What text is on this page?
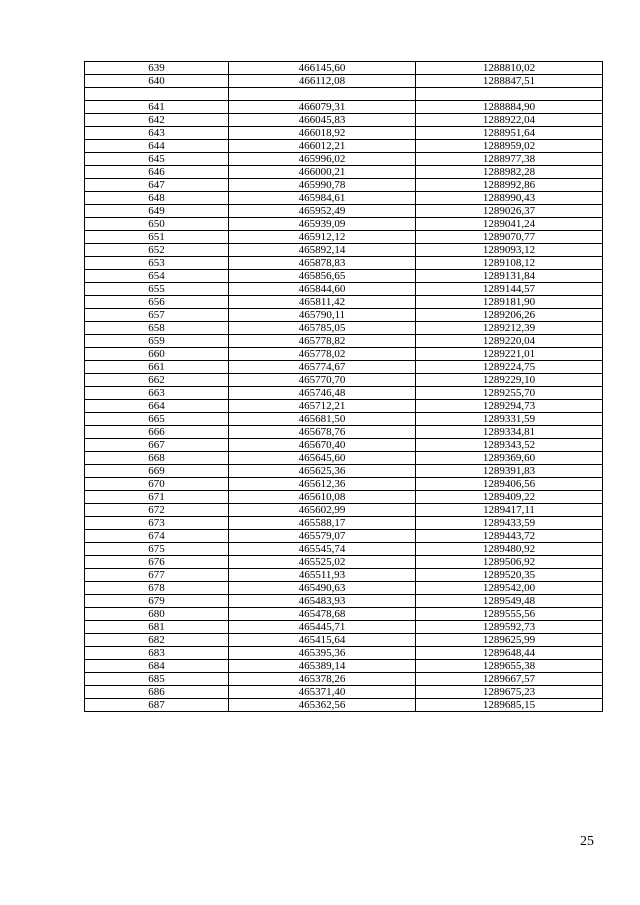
639	466145,60	1288810,02
640	466112,08	1288847,51

641	466079,31	1288884,90
642	466045,83	1288922,04
643	466018,92	1288951,64
644	466012,21	1288959,02
645	465996,02	1288977,38
646	466000,21	1288982,28
647	465990,78	1288992,86
648	465984,61	1288990,43
649	465952,49	1289026,37
650	465939,09	1289041,24
651	465912,12	1289070,77
652	465892,14	1289093,12
653	465878,83	1289108,12
654	465856,65	1289131,84
655	465844,60	1289144,57
656	465811,42	1289181,90
657	465790,11	1289206,26
658	465785,05	1289212,39
659	465778,82	1289220,04
660	465778,02	1289221,01
661	465774,67	1289224,75
662	465770,70	1289229,10
663	465746,48	1289255,70
664	465712,21	1289294,73
665	465681,50	1289331,59
666	465678,76	1289334,81
667	465670,40	1289343,52
668	465645,60	1289369,60
669	465625,36	1289391,83
670	465612,36	1289406,56
671	465610,08	1289409,22
672	465602,99	1289417,11
673	465588,17	1289433,59
674	465579,07	1289443,72
675	465545,74	1289480,92
676	465525,02	1289506,92
677	465511,93	1289520,35
678	465490,63	1289542,00
679	465483,93	1289549,48
680	465478,68	1289555,56
681	465445,71	1289592,73
682	465415,64	1289625,99
683	465395,36	1289648,44
684	465389,14	1289655,38
685	465378,26	1289667,57
686	465371,40	1289675,23
687	465362,56	1289685,15
25
